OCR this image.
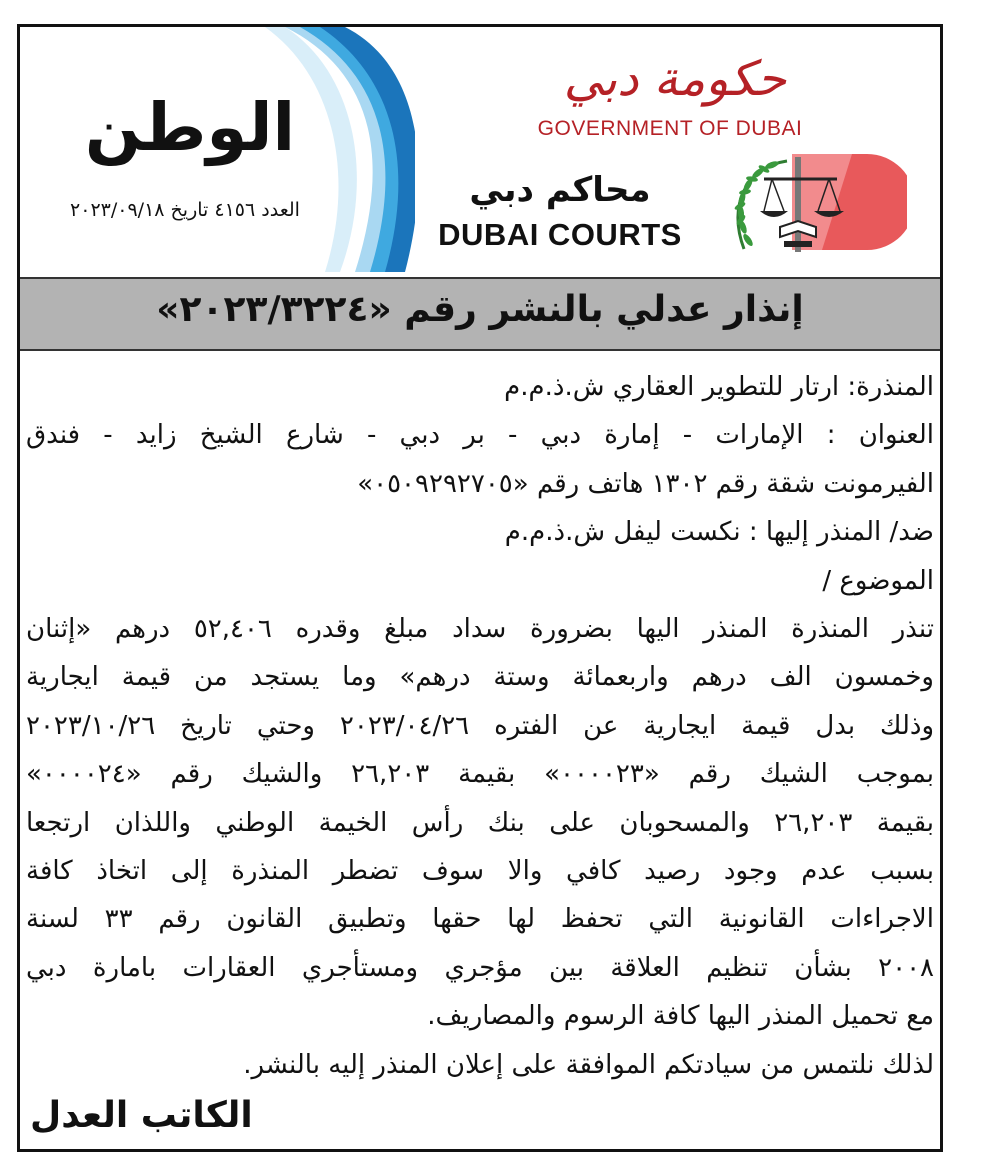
الوطن
العدد ٤١٥٦ تاريخ ٢٠٢٣/٠٩/١٨
حكومة دبي
GOVERNMENT OF DUBAI
محاكم دبي
DUBAI COURTS
إنذار عدلي بالنشر رقم «٢٠٢٣/٣٢٢٤»
المنذرة: ارتار للتطوير العقاري ش.ذ.م.م
العنوان : الإمارات - إمارة دبي - بر دبي - شارع الشيخ زايد - فندق
الفيرمونت شقة رقم ١٣٠٢ هاتف رقم «٠٥٠٩٢٩٢٧٠٥»
ضد/ المنذر إليها : نكست ليفل ش.ذ.م.م
الموضوع /
تنذر المنذرة المنذر اليها بضرورة سداد مبلغ وقدره ٥٢,٤٠٦ درهم «إثنان
وخمسون الف درهم واربعمائة وستة درهم» وما يستجد من قيمة ايجارية
وذلك بدل قيمة ايجارية عن الفتره ٢٠٢٣/٠٤/٢٦ وحتي تاريخ ٢٠٢٣/١٠/٢٦
بموجب الشيك رقم «٠٠٠٠٢٣» بقيمة ٢٦,٢٠٣ والشيك رقم «٠٠٠٠٢٤»
بقيمة ٢٦,٢٠٣ والمسحوبان على بنك رأس الخيمة الوطني واللذان ارتجعا
بسبب عدم وجود رصيد كافي والا سوف تضطر المنذرة إلى اتخاذ كافة
الاجراءات القانونية التي تحفظ لها حقها وتطبيق القانون رقم ٣٣ لسنة
٢٠٠٨ بشأن تنظيم العلاقة بين مؤجري ومستأجري العقارات بامارة دبي
مع تحميل المنذر اليها كافة الرسوم والمصاريف.
لذلك نلتمس من سيادتكم الموافقة على إعلان المنذر إليه بالنشر.
الكاتب العدل
